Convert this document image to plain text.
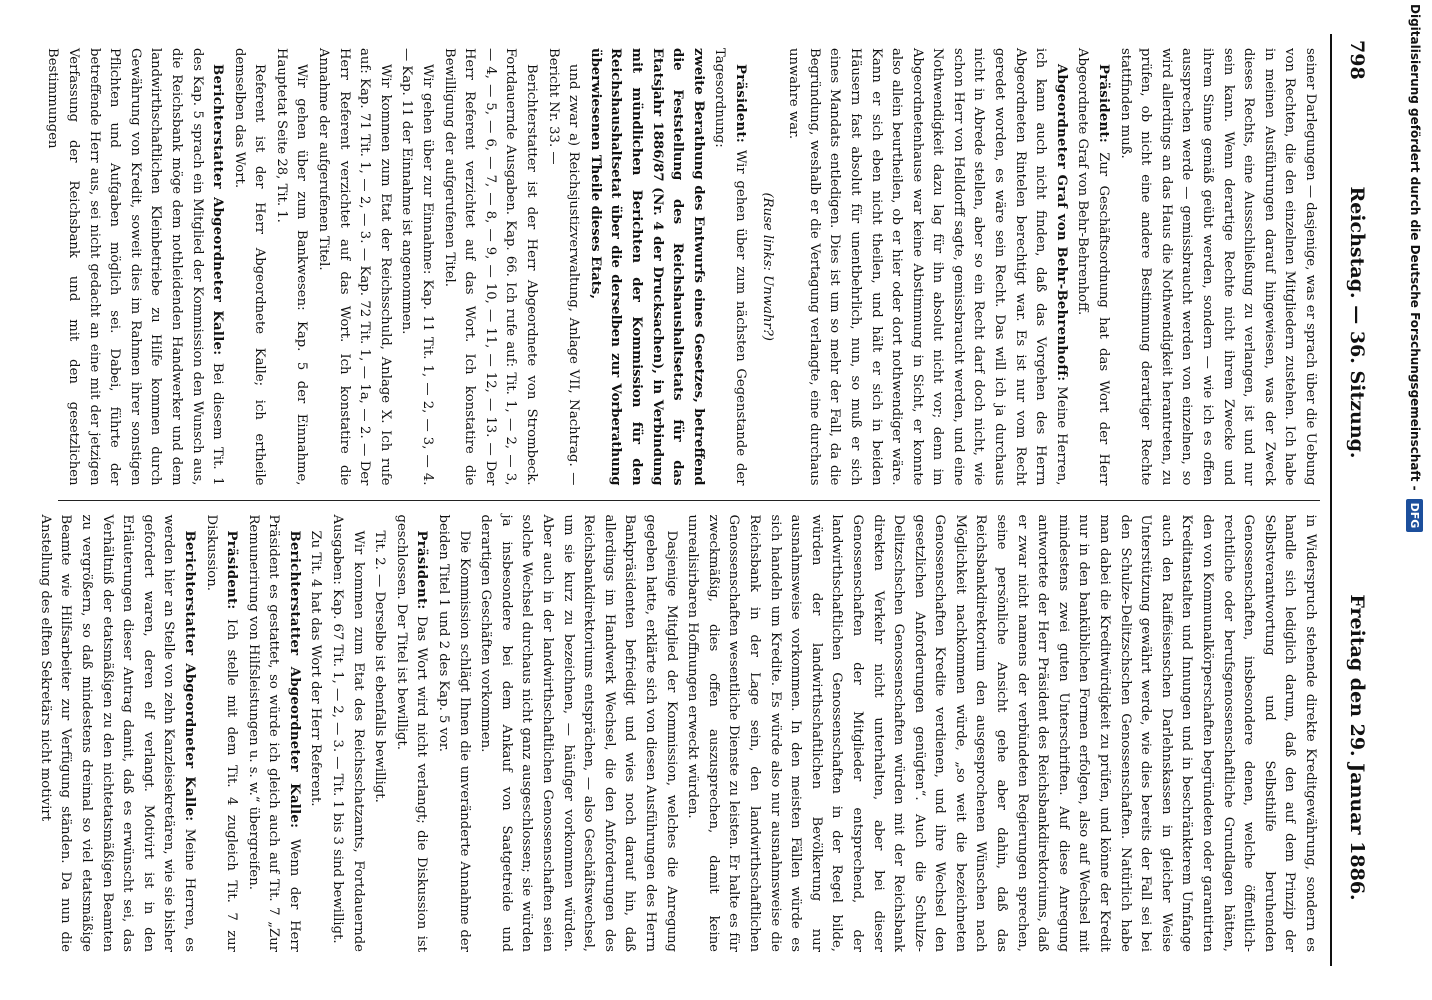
798
Reichstag. — 36. Sitzung.
Freitag den 29. Januar 1886.

seiner Darlegungen — dasjenige, was er sprach über die Uebung von Rechten, die den einzelnen Mitgliedern zustehen. Ich habe in meinen Ausführungen darauf hingewiesen, was der Zweck dieses Rechts, eine Aussschließung zu verlangen, ist und nur sein kann. Wenn derartige Rechte nicht ihrem Zwecke und ihrem Sinne gemäß geübt werden, sondern — wie ich es offen aussprechen werde — gemissbraucht werden von einzelnen, so wird allerdings an das Haus die Nothwendigkeit herantreten, zu prüfen, ob nicht eine andere Bestimmung derartiger Rechte stattfinden muß.

Präsident: Zur Geschäftsordnung hat das Wort der Herr Abgeordnete Graf von Behr-Behrenhoff.

Abgeordneter Graf von Behr-Behrenhoff: Meine Herren, ich kann auch nicht finden, daß das Vorgehen des Herrn Abgeordneten Rintelen berechtigt war. Es ist nur vom Recht geredet worden, es wäre sein Recht. Das will ich ja durchaus nicht in Abrede stellen, aber so ein Recht darf doch nicht, wie schon Herr von Helldorff sagte, gemissbraucht werden, und eine Nothwendigkeit dazu lag für ihn absolut nicht vor; denn im Abgeordnetenhause war keine Abstimmung in Sicht, er konnte also allein beurtheilen, ob er hier oder dort nothwendiger wäre. Kann er sich eben nicht theilen, und hält er sich in beiden Häusern fast absolut für unentbehrlich, nun, so muß er sich eines Mandats entledigen. Dies ist um so mehr der Fall, da die Begründung, weshalb er die Vertagung verlangte, eine durchaus unwahre war.

(Ruse links: Unwahr?)

Präsident: Wir gehen über zum nächsten Gegenstande der Tagesordnung:

zweite Berathung des Entwurfs eines Gesetzes, betreffend die Feststellung des Reichshaushaltsetats für das Etatsjahr 1886/87 (Nr. 4 der Drucksachen), in Verbindung mit mündlichen Berichten der Kommission für den Reichshaushaltsetat über die derselben zur Vorberathung überwiesenen Theile dieses Etats,

und zwar a) Reichsjustizverwaltung, Anlage VII, Nachtrag. — Bericht Nr. 33. —

Berichterstatter ist der Herr Abgeordnete von Strombeck. Fortdauernde Ausgaben. Kap. 66. Ich rufe auf: Tit. 1, — 2, — 3, — 4, — 5, — 6, — 7, — 8, — 9, — 10, — 11, — 12, — 13. — Der Herr Referent verzichtet auf das Wort. Ich konstatire die Bewilligung der aufgerufenen Titel.

Wir gehen über zur Einnahme: Kap. 11 Tit. 1, — 2, — 3, — 4. — Kap. 11 der Einnahme ist angenommen.

Wir kommen zum Etat der Reichsschuld, Anlage X. Ich rufe auf: Kap. 71 Tit. 1, — 2, — 3. — Kap. 72 Tit. 1, — 1a, — 2. — Der Herr Referent verzichtet auf das Wort. Ich konstatire die Annahme der aufgerufenen Titel.

Wir gehen über zum Bankwesen: Kap. 5 der Einnahme, Hauptetat Seite 28, Tit. 1.

Referent ist der Herr Abgeordnete Kalle; ich ertheile demselben das Wort.

Berichterstatter Abgeordneter Kalle: Bei diesem Tit. 1 des Kap. 5 sprach ein Mitglied der Kommission den Wunsch aus, die Reichsbank möge dem nothleidenden Handwerker und dem landwirthschaftlichen Kleinbetriebe zu Hilfe kommen durch Gewährung von Kredit, soweit dies im Rahmen ihrer sonstigen Pflichten und Aufgaben möglich sei. Dabei, führte der betreffende Herr aus, sei nicht gedacht an eine mit der jetzigen Verfassung der Reichsbank und mit den gesetzlichen Bestimmungen

in Widerspruch stehende direkte Kreditgewährung, sondern es handle sich lediglich darum, daß den auf dem Prinzip der Selbstverantwortung und Selbsthilfe beruhenden Genossenschaften, insbesondere denen, welche öffentlich-rechtliche oder berufsgenossenschaftliche Grundlagen hätten, den von Kommunalkörperschaften begründeten oder garantirten Kreditanstalten und Innungen und in beschränkterem Umfange auch den Raiffeisenschen Darlehnskassen in gleicher Weise Unterstützung gewährt werde, wie dies bereits der Fall sei bei den Schulze-Delitzschschen Genossenschaften. Natürlich habe man dabei die Kreditwürdigkeit zu prüfen, und könne der Kredit nur in den banküblichen Formen erfolgen, also auf Wechsel mit mindestens zwei guten Unterschriften. Auf diese Anregung antwortete der Herr Präsident des Reichsbankdirektoriums, daß er zwar nicht namens der verbündeten Regierungen sprechen, seine persönliche Ansicht gehe aber dahin, daß das Reichsbankdirektorium den ausgesprochenen Wünschen nach Möglichkeit nachkommen würde, „so weit die bezeichneten Genossenschaften Kredite verdienen, und ihre Wechsel den gesetzlichen Anforderungen genügten“. Auch die Schulze-Delitzschschen Genossenschaften würden mit der Reichsbank direkten Verkehr nicht unterhalten, aber bei dieser Genossenschaften der Mitglieder entsprechend, der landwirthschaftlichen Genossenschaften in der Regel bilde, würden der landwirthschaftlichen Bevölkerung nur ausnahmsweise vorkommen. In den meisten Fällen würde es sich handeln um Kredite. Es würde also nur ausnahmsweise die Reichsbank in der Lage sein, den landwirthschaftlichen Genossenschaften wesentliche Dienste zu leisten. Er halte es für zweckmäßig, dies offen auszusprechen, damit keine unrealisirbaren Hoffnungen erweckt würden.

Dasjenige Mitglied der Kommission, welches die Anregung gegeben hatte, erklärte sich von diesen Ausführungen des Herrn Bankpräsidenten befriedigt und wies noch darauf hin, daß allerdings im Handwerk Wechsel, die den Anforderungen des Reichsbankdirektoriums entsprächen, — also Geschäftswechsel, um sie kurz zu bezeichnen, — häufiger vorkommen würden. Aber auch in der landwirthschaftlichen Genossenschaften seien solche Wechsel durchaus nicht ganz ausgeschlossen; sie würden ja insbesondere bei dem Ankauf von Saatgetreide und derartigen Geschäften vorkommen.

Die Kommission schlägt Ihnen die unveränderte Annahme der beiden Titel 1 und 2 des Kap. 5 vor.

Präsident: Das Wort wird nicht verlangt; die Diskussion ist geschlossen. Der Titel ist bewilligt.

Tit. 2. — Derselbe ist ebenfalls bewilligt.

Wir kommen zum Etat des Reichsschatzamts, Fortdauernde Ausgaben: Kap. 67 Tit. 1, — 2, — 3. — Tit. 1 bis 3 sind bewilligt.

Zu Tit. 4 hat das Wort der Herr Referent.

Berichterstatter Abgeordneter Kalle: Wenn der Herr Präsident es gestattet, so würde ich gleich auch auf Tit. 7 „Zur Remunerirung von Hilfsleistungen u. s. w.“ übergreifen.

Präsident: Ich stelle mit dem Tit. 4 zugleich Tit. 7 zur Diskussion.

Berichterstatter Abgeordneter Kalle: Meine Herren, es werden hier an Stelle von zehn Kanzleisekretären, wie sie bisher gefordert waren, deren elf verlangt. Motivirt ist in den Erläuterungen dieser Antrag damit, daß es erwünscht sei, das Verhältniß der etatsmäßigen zu den nichtetatsmäßigen Beamten zu vergrößern, so daß mindestens dreimal so viel etatsmäßige Beamte wie Hilfsarbeiter zur Verfügung ständen. Da nun die Anstellung des elften Sekretärs nicht motivirt

Digitalisierung gefördert durch die Deutsche Forschungsgemeinschaft -
DFG
